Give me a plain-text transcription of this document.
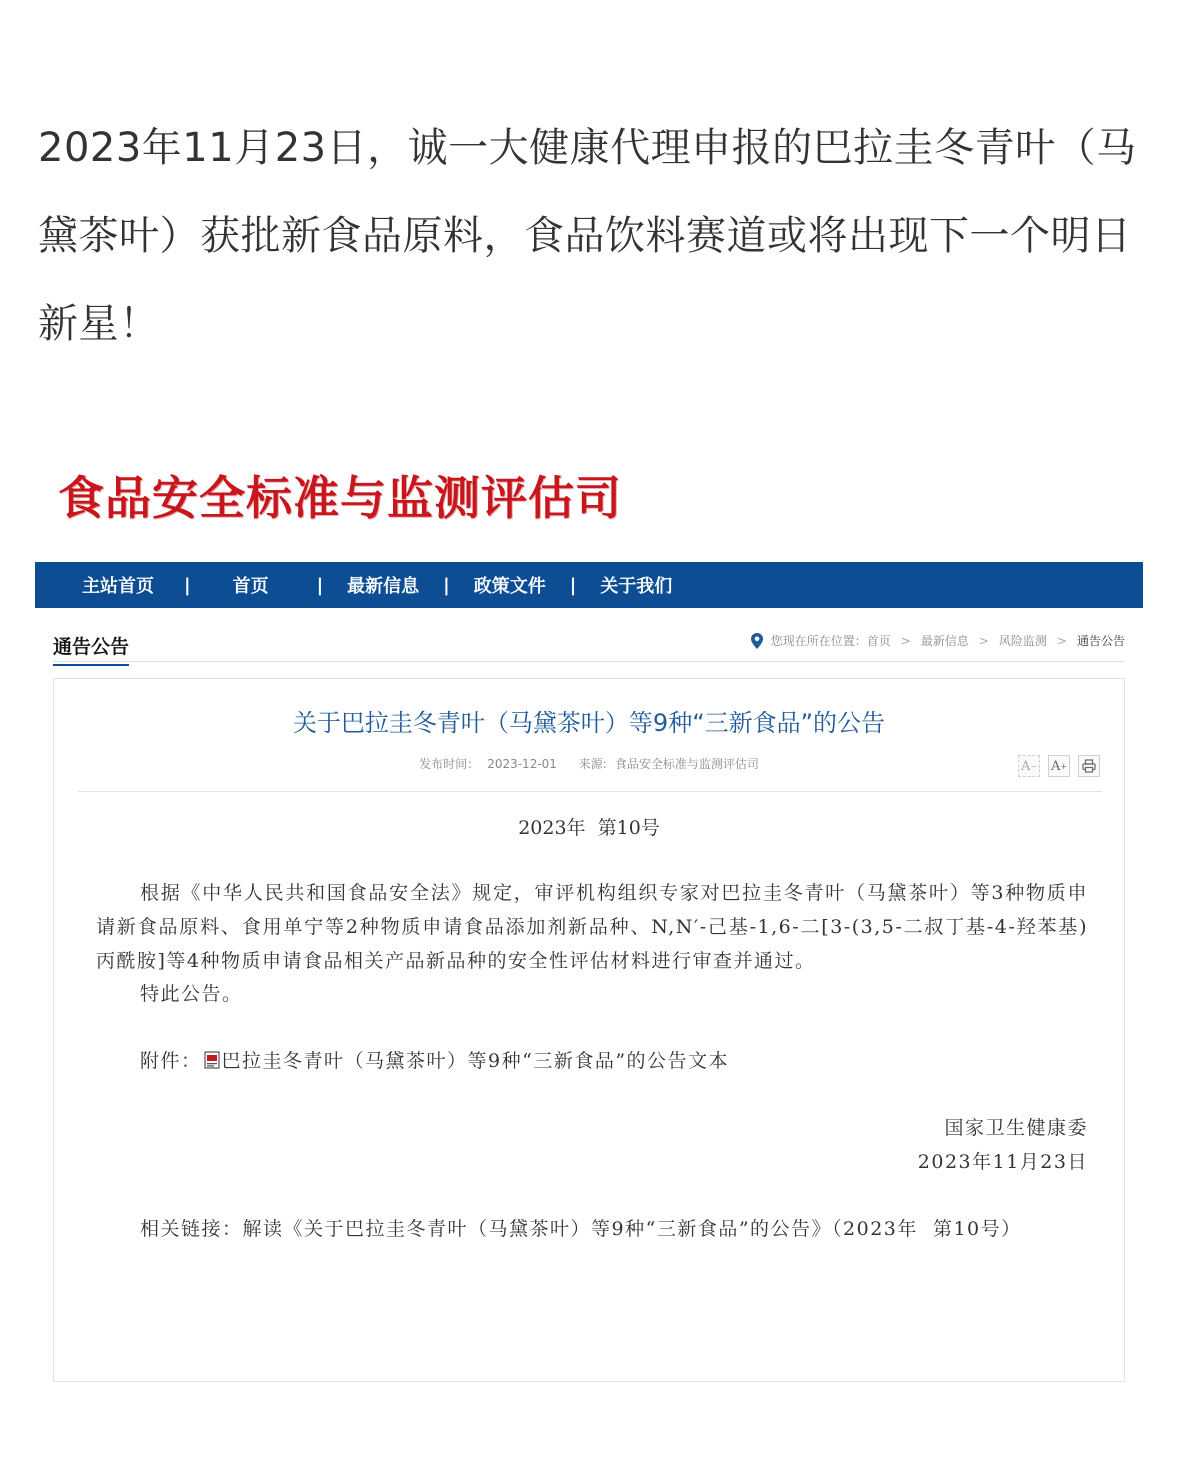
2023年11月23日，诚一大健康代理申报的巴拉圭冬青叶（马黛茶叶）获批新食品原料，食品饮料赛道或将出现下一个明日新星！

食品安全标准与监测评估司
主站首页 | 首页	| 最新信息 | 政策文件 | 关于我们
通告公告	您现在所在位置： 首页 > 最新信息 > 风险监测 > 通告公告
关于巴拉圭冬青叶（马黛茶叶）等9种“三新食品”的公告
发布时间： 2023-12-01 来源: 食品安全标准与监测评估司	A − A +
2023年  第10号

根据《中华人民共和国食品安全法》规定，审评机构组织专家对巴拉圭冬青叶（马黛茶叶）等3种物质申请新食品原料、食用单宁等2种物质申请食品添加剂新品种、N,N′-己基-1,6-二[3-(3,5-二叔丁基-4-羟苯基)丙酰胺]等4种物质申请食品相关产品新品种的安全性评估材料进行审查并通过。

特此公告。
附件： 巴拉圭冬青叶（马黛茶叶）等9种“三新食品”的公告文本
国家卫生健康委
2023年11月23日

相关链接：解读《关于巴拉圭冬青叶（马黛茶叶）等9种“三新食品”的公告》（2023年  第10号）
